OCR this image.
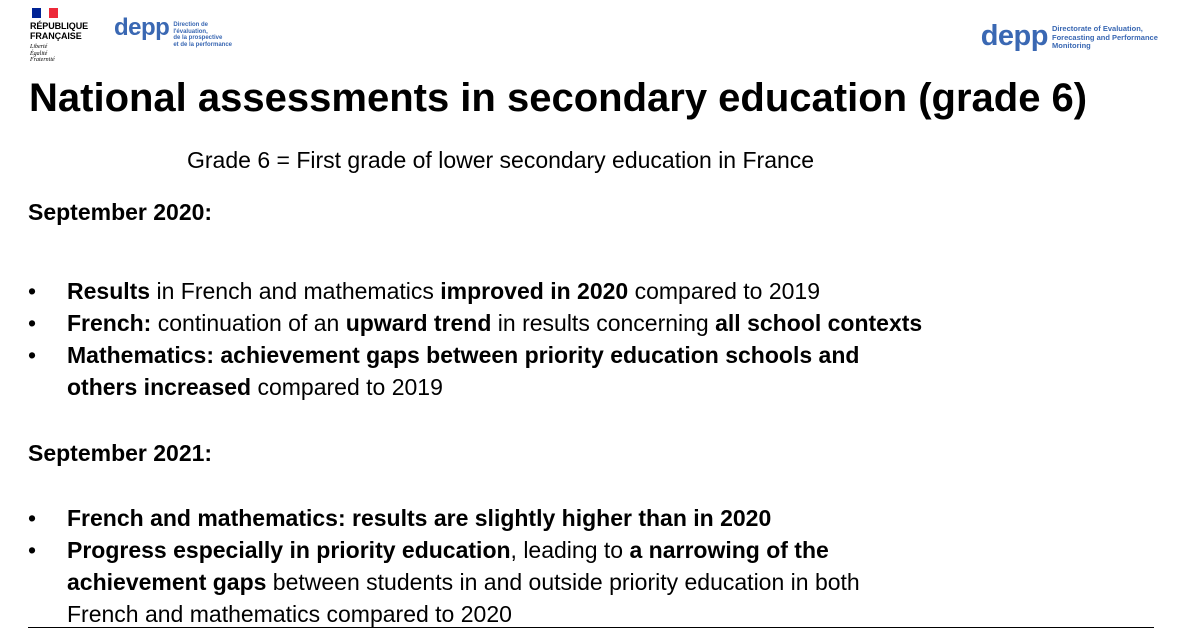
RÉPUBLIQUE
FRANÇAISE
Liberté
Égalité
Fraternité
depp Direction de l'évaluation,
de la prospective
et de la performance	depp Directorate of Evaluation,
Forecasting and Performance
Monitoring
National assessments in secondary education (grade 6)
Grade 6 = First grade of lower secondary education in France
September 2020:
• Results in French and mathematics improved in 2020 compared to 2019
• French: continuation of an upward trend in results concerning all school contexts
• Mathematics: achievement gaps between priority education schools and
others increased compared to 2019
September 2021:
• French and mathematics: results are slightly higher than in 2020
• Progress especially in priority education, leading to a narrowing of the
achievement gaps between students in and outside priority education in both
French and mathematics compared to 2020
